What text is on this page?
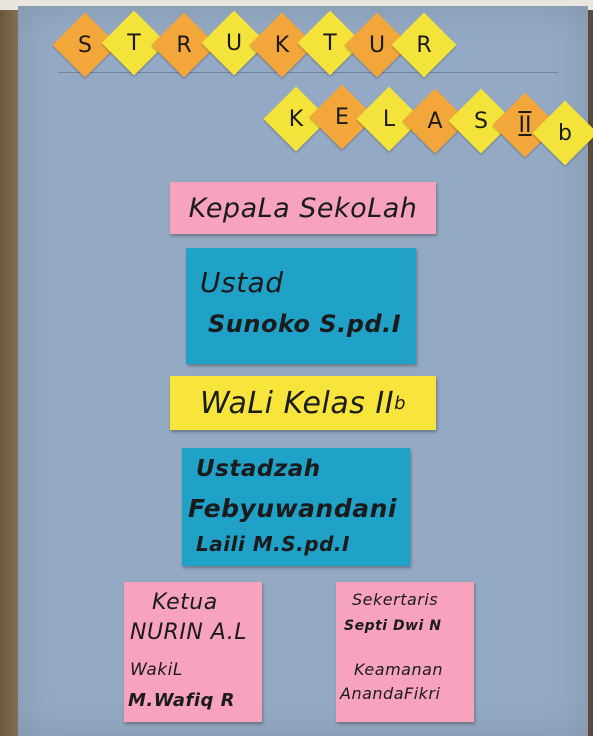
S	T	R	U	K	T	U	R
K	E	L	A	S	II	b
KepaLa SekoLah
Ustad
Sunoko S.pd.I
WaLi Kelas II b
Ustadzah
Febyuwandani
Laili M.S.pd.I
Ketua
NURIN A.L
WakiL
M.Wafiq R
Sekertaris
Septi Dwi N
Keamanan
AnandaFikri
